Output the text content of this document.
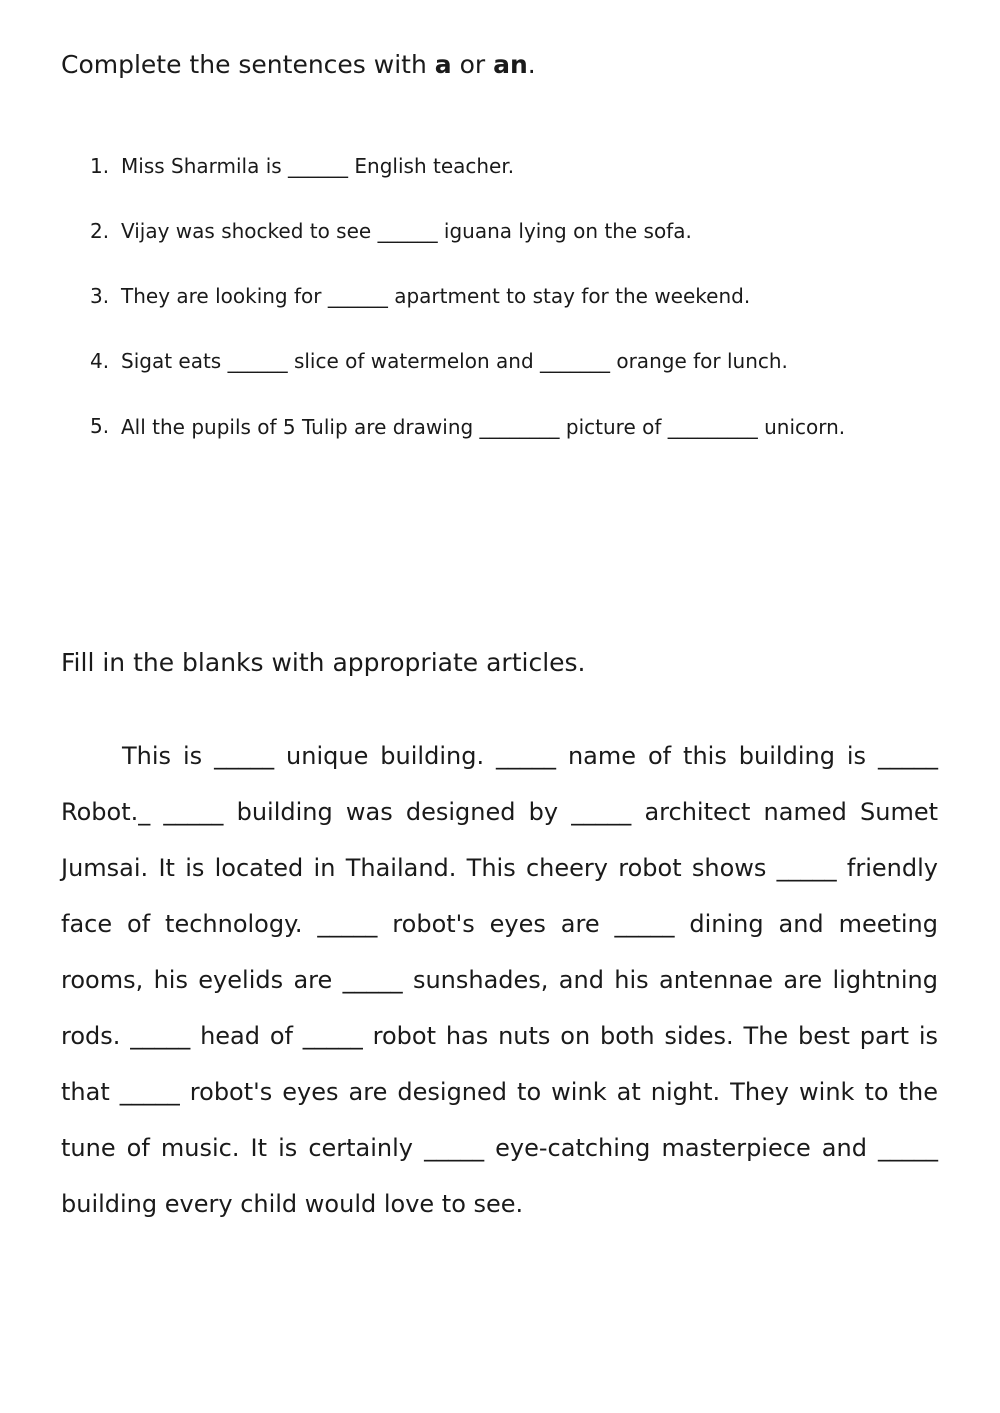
Complete the sentences with a or an.
1. Miss Sharmila is ______ English teacher.
2. Vijay was shocked to see ______ iguana lying on the sofa.
3. They are looking for ______ apartment to stay for the weekend.
4. Sigat eats ______ slice of watermelon and _______ orange for lunch.
5. All the pupils of 5 Tulip are drawing ________ picture of _________ unicorn.
Fill in the blanks with appropriate articles.

This is _____ unique building. _____ name of this building is _____ Robot._ _____ building was designed by _____ architect named Sumet Jumsai. It is located in Thailand. This cheery robot shows _____ friendly face of technology. _____ robot's eyes are _____ dining and meeting rooms, his eyelids are _____ sunshades, and his antennae are lightning rods. _____ head of _____ robot has nuts on both sides. The best part is that _____ robot's eyes are designed to wink at night. They wink to the tune of music. It is certainly _____ eye-catching masterpiece and _____ building every child would love to see.
